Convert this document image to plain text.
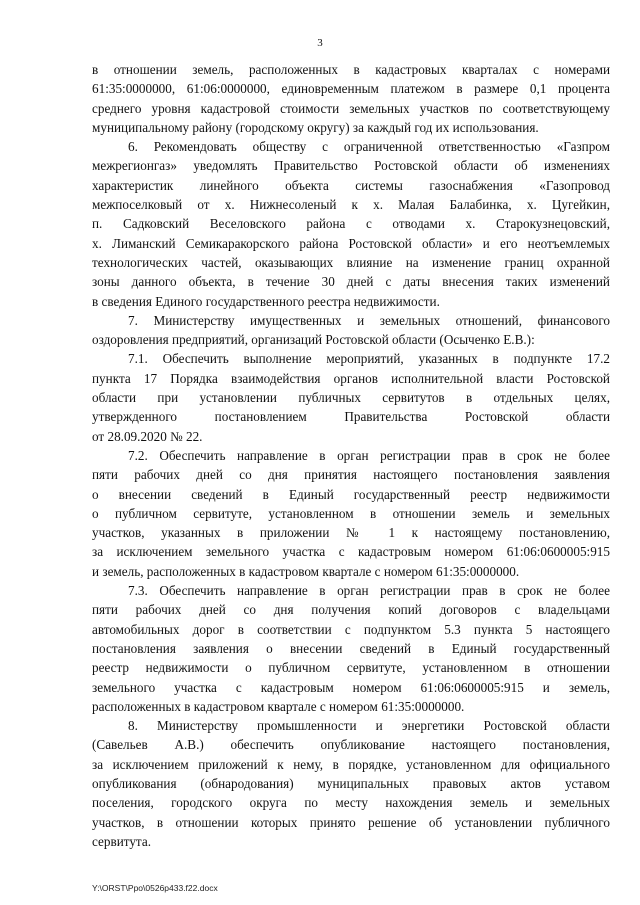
3
в отношении земель, расположенных в кадастровых кварталах с номерами
61:35:0000000, 61:06:0000000, единовременным платежом в размере 0,1 процента
среднего уровня кадастровой стоимости земельных участков по соответствующему
муниципальному району (городскому округу) за каждый год их использования.
6. Рекомендовать обществу с ограниченной ответственностью «Газпром
межрегионгаз» уведомлять Правительство Ростовской области об изменениях
характеристик линейного объекта системы газоснабжения «Газопровод
межпоселковый от х. Нижнесоленый к х. Малая Балабинка, х. Цугейкин,
п. Садковский Веселовского района с отводами х. Старокузнецовский,
х. Лиманский Семикаракорского района Ростовской области» и его неотъемлемых
технологических частей, оказывающих влияние на изменение границ охранной
зоны данного объекта, в течение 30 дней с даты внесения таких изменений
в сведения Единого государственного реестра недвижимости.
7. Министерству имущественных и земельных отношений, финансового
оздоровления предприятий, организаций Ростовской области (Осыченко Е.В.):
7.1. Обеспечить выполнение мероприятий, указанных в подпункте 17.2
пункта 17 Порядка взаимодействия органов исполнительной власти Ростовской
области при установлении публичных сервитутов в отдельных целях,
утвержденного постановлением Правительства Ростовской области
от 28.09.2020 № 22.
7.2. Обеспечить направление в орган регистрации прав в срок не более
пяти рабочих дней со дня принятия настоящего постановления заявления
о внесении сведений в Единый государственный реестр недвижимости
о публичном сервитуте, установленном в отношении земель и земельных
участков, указанных в приложении № 1 к настоящему постановлению,
за исключением земельного участка с кадастровым номером 61:06:0600005:915
и земель, расположенных в кадастровом квартале с номером 61:35:0000000.
7.3. Обеспечить направление в орган регистрации прав в срок не более
пяти рабочих дней со дня получения копий договоров с владельцами
автомобильных дорог в соответствии с подпунктом 5.3 пункта 5 настоящего
постановления заявления о внесении сведений в Единый государственный
реестр недвижимости о публичном сервитуте, установленном в отношении
земельного участка с кадастровым номером 61:06:0600005:915 и земель,
расположенных в кадастровом квартале с номером 61:35:0000000.
8. Министерству промышленности и энергетики Ростовской области
(Савельев А.В.) обеспечить опубликование настоящего постановления,
за исключением приложений к нему, в порядке, установленном для официального
опубликования (обнародования) муниципальных правовых актов уставом
поселения, городского округа по месту нахождения земель и земельных
участков, в отношении которых принято решение об установлении публичного
сервитута.
Y:\ORST\Ppo\0526p433.f22.docx
